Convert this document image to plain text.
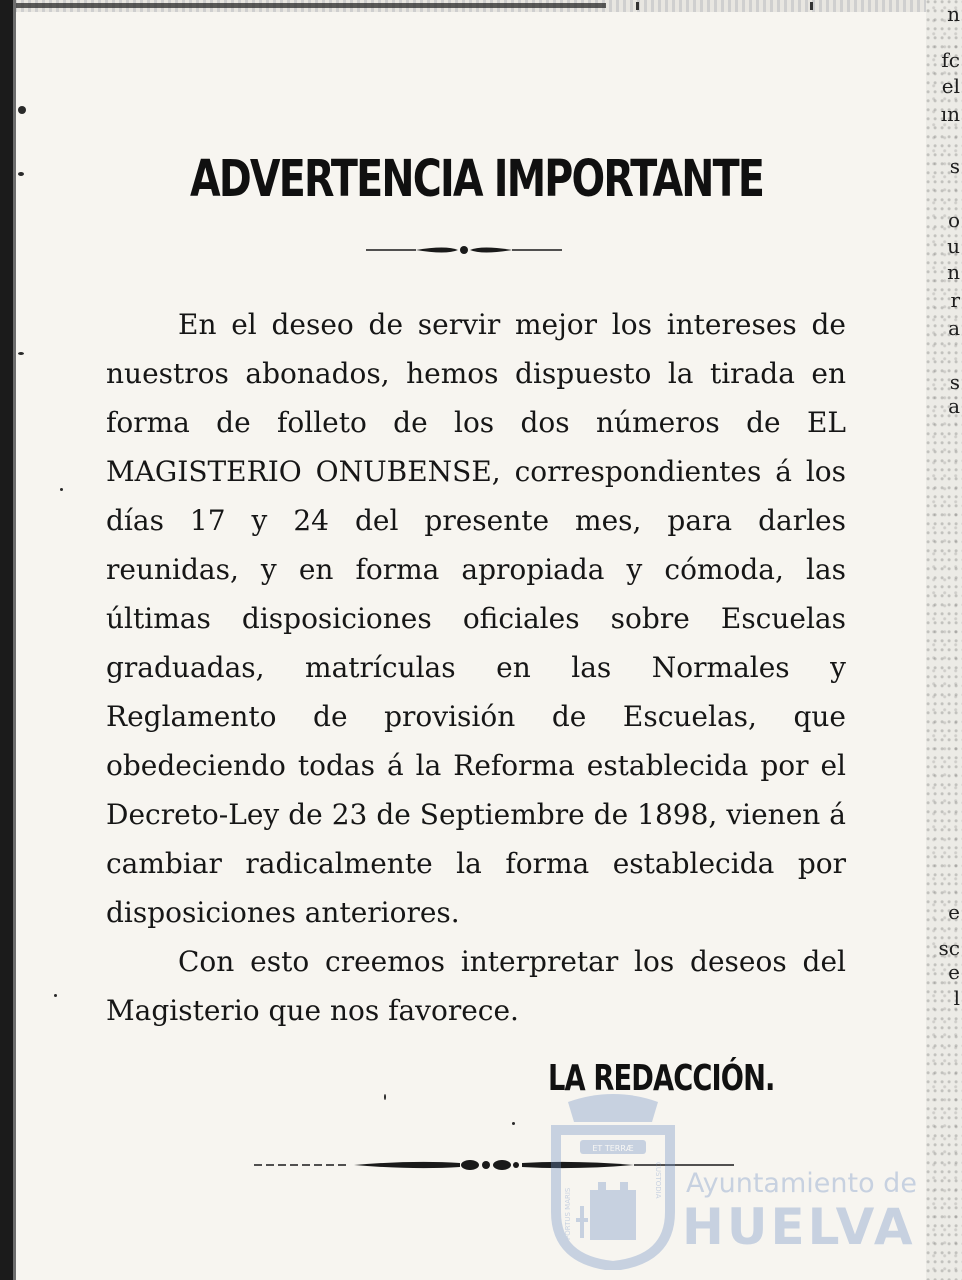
n
fc
el
ın
s
o
u
n
r
a
s
a
e
sc
e
l
ADVERTENCIA IMPORTANTE

En el deseo de servir mejor los intereses de nuestros abonados, hemos dispuesto la tirada en forma de folleto de los dos números de EL MAGISTERIO ONUBENSE, correspondientes á los días 17 y 24 del presente mes, para darles reunidas, y en forma apropiada y cómoda, las últimas disposiciones oficiales sobre Escuelas graduadas, matrículas en las Normales y Reglamento de provisión de Escuelas, que obedeciendo todas á la Reforma establecida por el Decreto-Ley de 23 de Septiembre de 1898, vienen á cambiar radicalmente la forma establecida por disposiciones anteriores.

Con esto creemos interpretar los deseos del Magisterio que nos favorece.

LA REDACCIÓN.
ET TERRÆ
PORTUS MARIS
CUSTODIA Ayuntamiento de
HUELVA
